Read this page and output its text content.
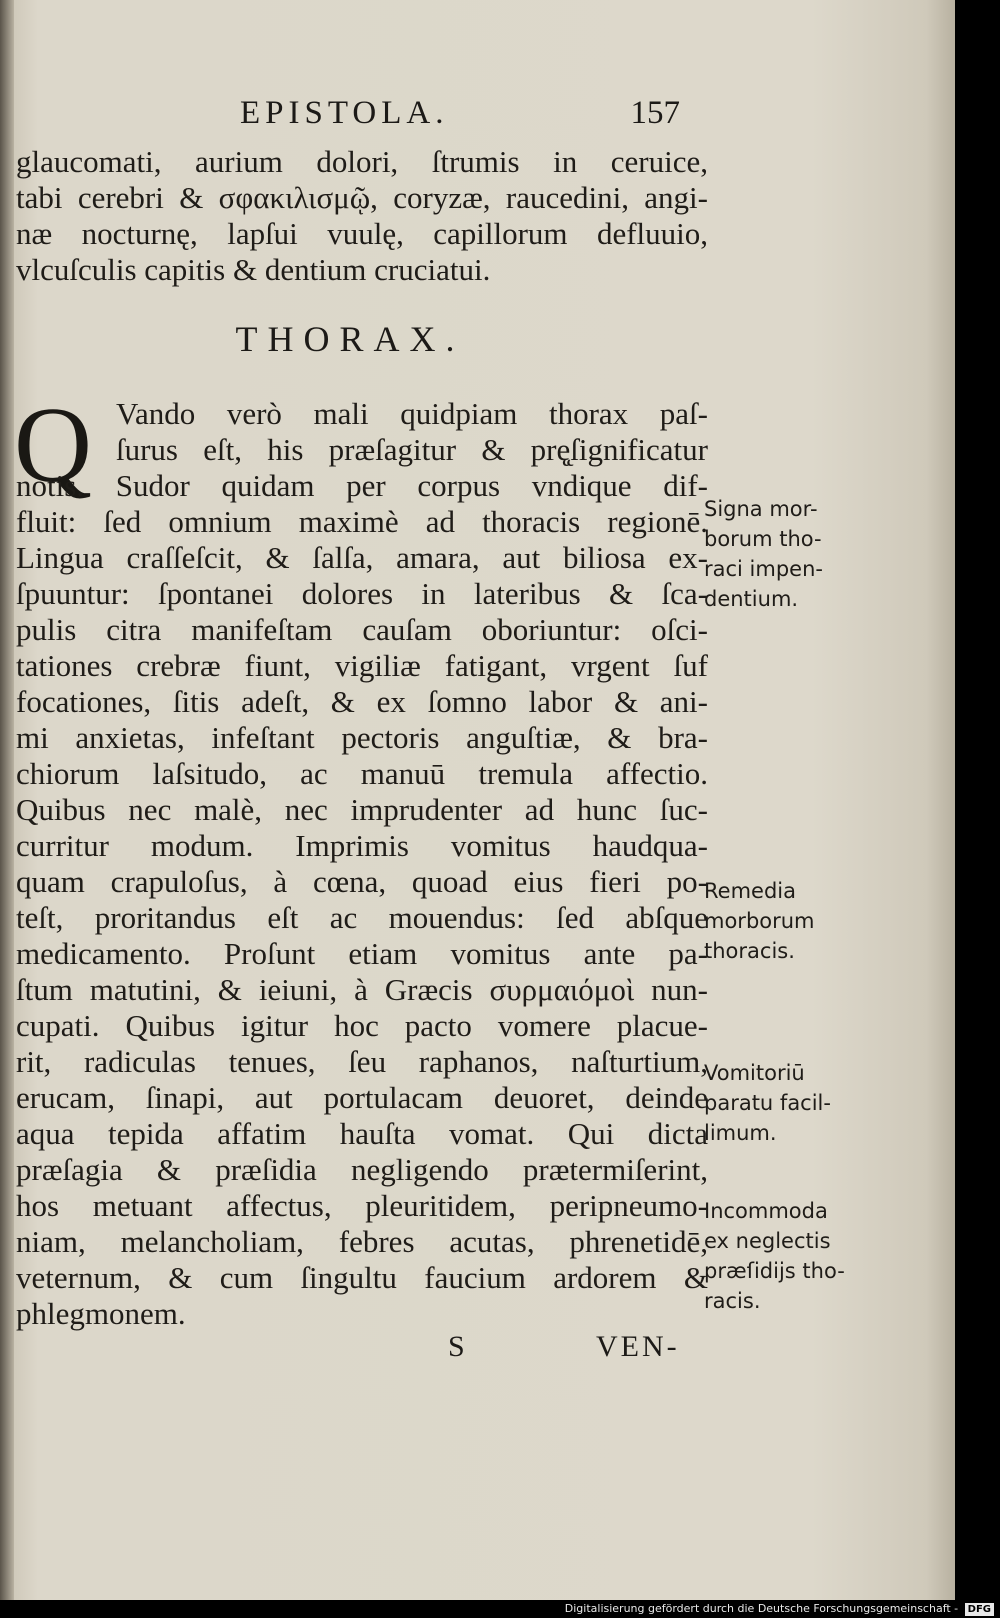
EPISTOLA.	157
glaucomati, aurium dolori, ſtrumis in ceruice,
tabi cerebri & σφακιλισμῷ, coryzæ, raucedini, angi-
næ nocturnę, lapſui vuulę, capillorum defluuio,
vlcuſculis capitis & dentium cruciatui.
THORAX.
Q Vando verò mali quidpiam thorax paſ-
ſurus eſt, his præſagitur & prę̨ſignificatur
notis. Sudor quidam per corpus vndique dif-
fluit: ſed omnium maximè ad thoracis regionē.
Lingua craſſeſcit, & ſalſa, amara, aut biliosa ex-
ſpuuntur: ſpontanei dolores in lateribus & ſca-
pulis citra manifeſtam cauſam oboriuntur: oſci-
tationes crebræ fiunt, vigiliæ fatigant, vrgent ſuf
focationes, ſitis adeſt, & ex ſomno labor & ani-
mi anxietas, infeſtant pectoris anguſtiæ, & bra-
chiorum laſsitudo, ac manuū tremula affectio.
Quibus nec malè, nec imprudenter ad hunc ſuc-
curritur modum. Imprimis vomitus haudqua-
quam crapuloſus, à cœna, quoad eius fieri po-
teſt, proritandus eſt ac mouendus: ſed abſque
medicamento. Proſunt etiam vomitus ante pa-
ſtum matutini, & ieiuni, à Græcis συρμαιόμοὶ nun-
cupati. Quibus igitur hoc pacto vomere placue-
rit, radiculas tenues, ſeu raphanos, naſturtium,
erucam, ſinapi, aut portulacam deuoret, deinde
aqua tepida affatim hauſta vomat. Qui dicta
præſagia & præſidia negligendo prætermiſerint,
hos metuant affectus, pleuritidem, peripneumo-
niam, melancholiam, febres acutas, phrenetidē,
veternum, & cum ſingultu faucium ardorem &
phlegmonem.
Signa mor-
borum tho-
raci impen-
dentium.
Remedia
morborum
thoracis.
Vomitoriū
paratu facil-
limum.
Incommoda
ex neglectis
præſidijs tho-
racis.
S	VEN-
Digitalisierung gefördert durch die Deutsche Forschungsgemeinschaft - DFG
